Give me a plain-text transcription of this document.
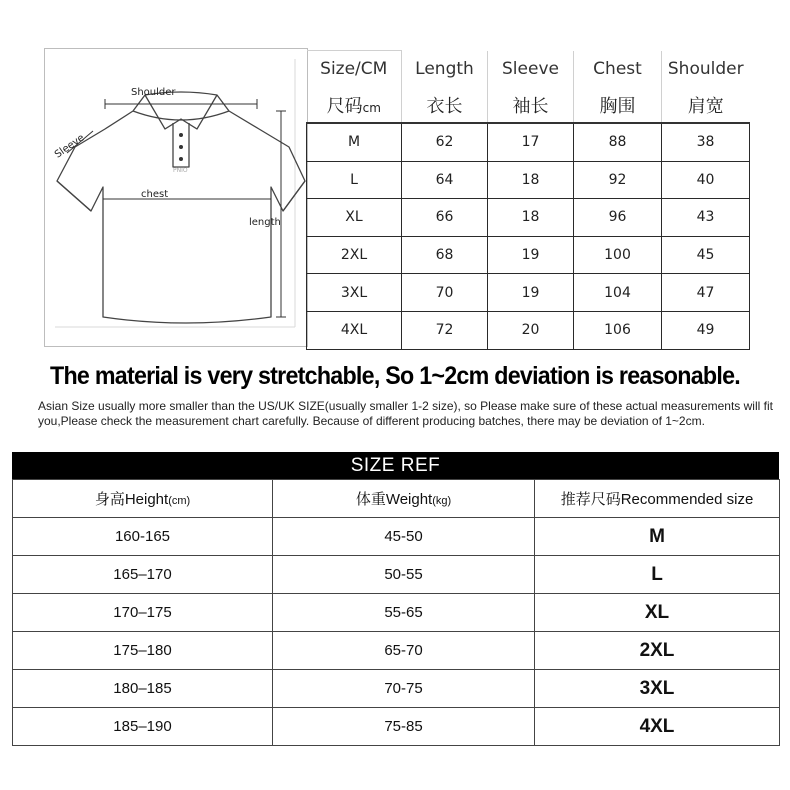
Shoulder
Sleeve
chest
length
PNIO
Size/CM	Length	Sleeve	Chest	Shoulder
尺码cm	衣长	袖长	胸围	肩宽
M	62	17	88	38
L	64	18	92	40
XL	66	18	96	43
2XL	68	19	100	45
3XL	70	19	104	47
4XL	72	20	106	49
The material is very stretchable, So 1~2cm deviation is reasonable.
Asian Size usually more smaller than the US/UK SIZE(usually smaller 1-2 size), so Please make sure of these actual measurements will fit you,Please check the measurement chart carefully. Because of different producing batches, there may be deviation of 1~2cm.
SIZE REF
身高Height(cm)	体重Weight(kg)	推荐尺码Recommended size
160-165	45-50	M
165–170	50-55	L
170–175	55-65	XL
175–180	65-70	2XL
180–185	70-75	3XL
185–190	75-85	4XL
